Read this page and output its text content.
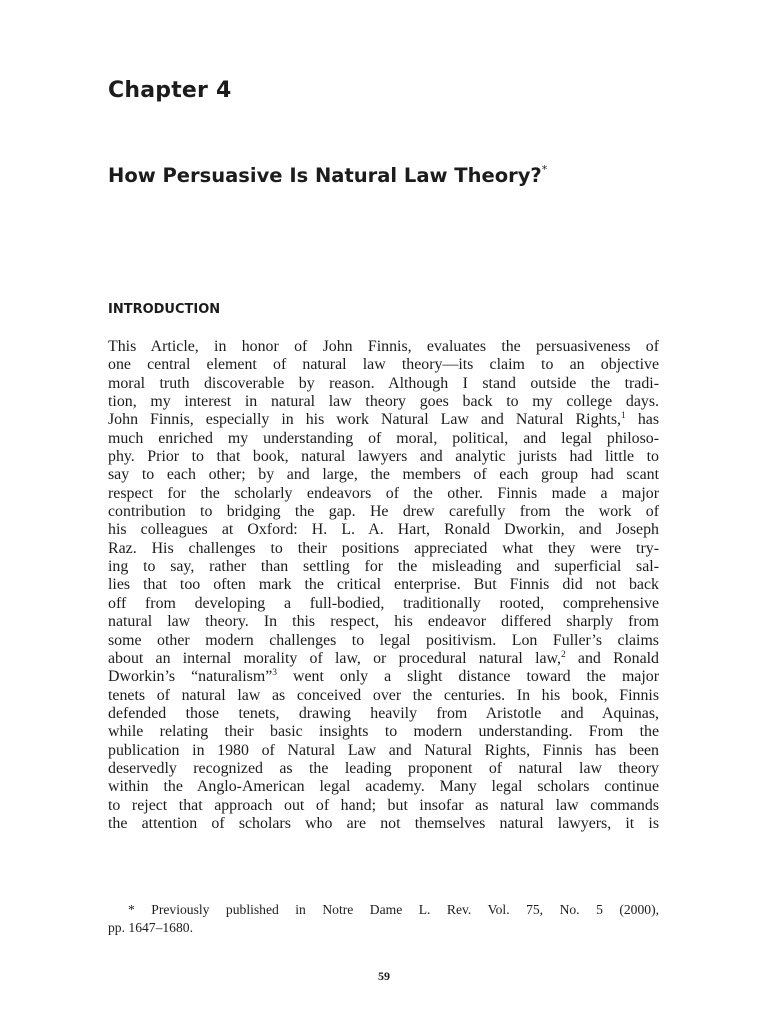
Chapter 4
How Persuasive Is Natural Law Theory?*
INTRODUCTION
This Article, in honor of John Finnis, evaluates the persuasiveness of
one central element of natural law theory—its claim to an objective
moral truth discoverable by reason. Although I stand outside the tradi-
tion, my interest in natural law theory goes back to my college days.
John Finnis, especially in his work Natural Law and Natural Rights,$^1$ has
much enriched my understanding of moral, political, and legal philoso-
phy. Prior to that book, natural lawyers and analytic jurists had little to
say to each other; by and large, the members of each group had scant
respect for the scholarly endeavors of the other. Finnis made a major
contribution to bridging the gap. He drew carefully from the work of
his colleagues at Oxford: H. L. A. Hart, Ronald Dworkin, and Joseph
Raz. His challenges to their positions appreciated what they were try-
ing to say, rather than settling for the misleading and superficial sal-
lies that too often mark the critical enterprise. But Finnis did not back
off from developing a full-bodied, traditionally rooted, comprehensive
natural law theory. In this respect, his endeavor differed sharply from
some other modern challenges to legal positivism. Lon Fuller’s claims
about an internal morality of law, or procedural natural law,$^2$ and Ronald
Dworkin’s “naturalism”$^3$ went only a slight distance toward the major
tenets of natural law as conceived over the centuries. In his book, Finnis
defended those tenets, drawing heavily from Aristotle and Aquinas,
while relating their basic insights to modern understanding. From the
publication in 1980 of Natural Law and Natural Rights, Finnis has been
deservedly recognized as the leading proponent of natural law theory
within the Anglo-American legal academy. Many legal scholars continue
to reject that approach out of hand; but insofar as natural law commands
the attention of scholars who are not themselves natural lawyers, it is
* Previously published in Notre Dame L. Rev. Vol. 75, No. 5 (2000),
pp. 1647–1680.
59
